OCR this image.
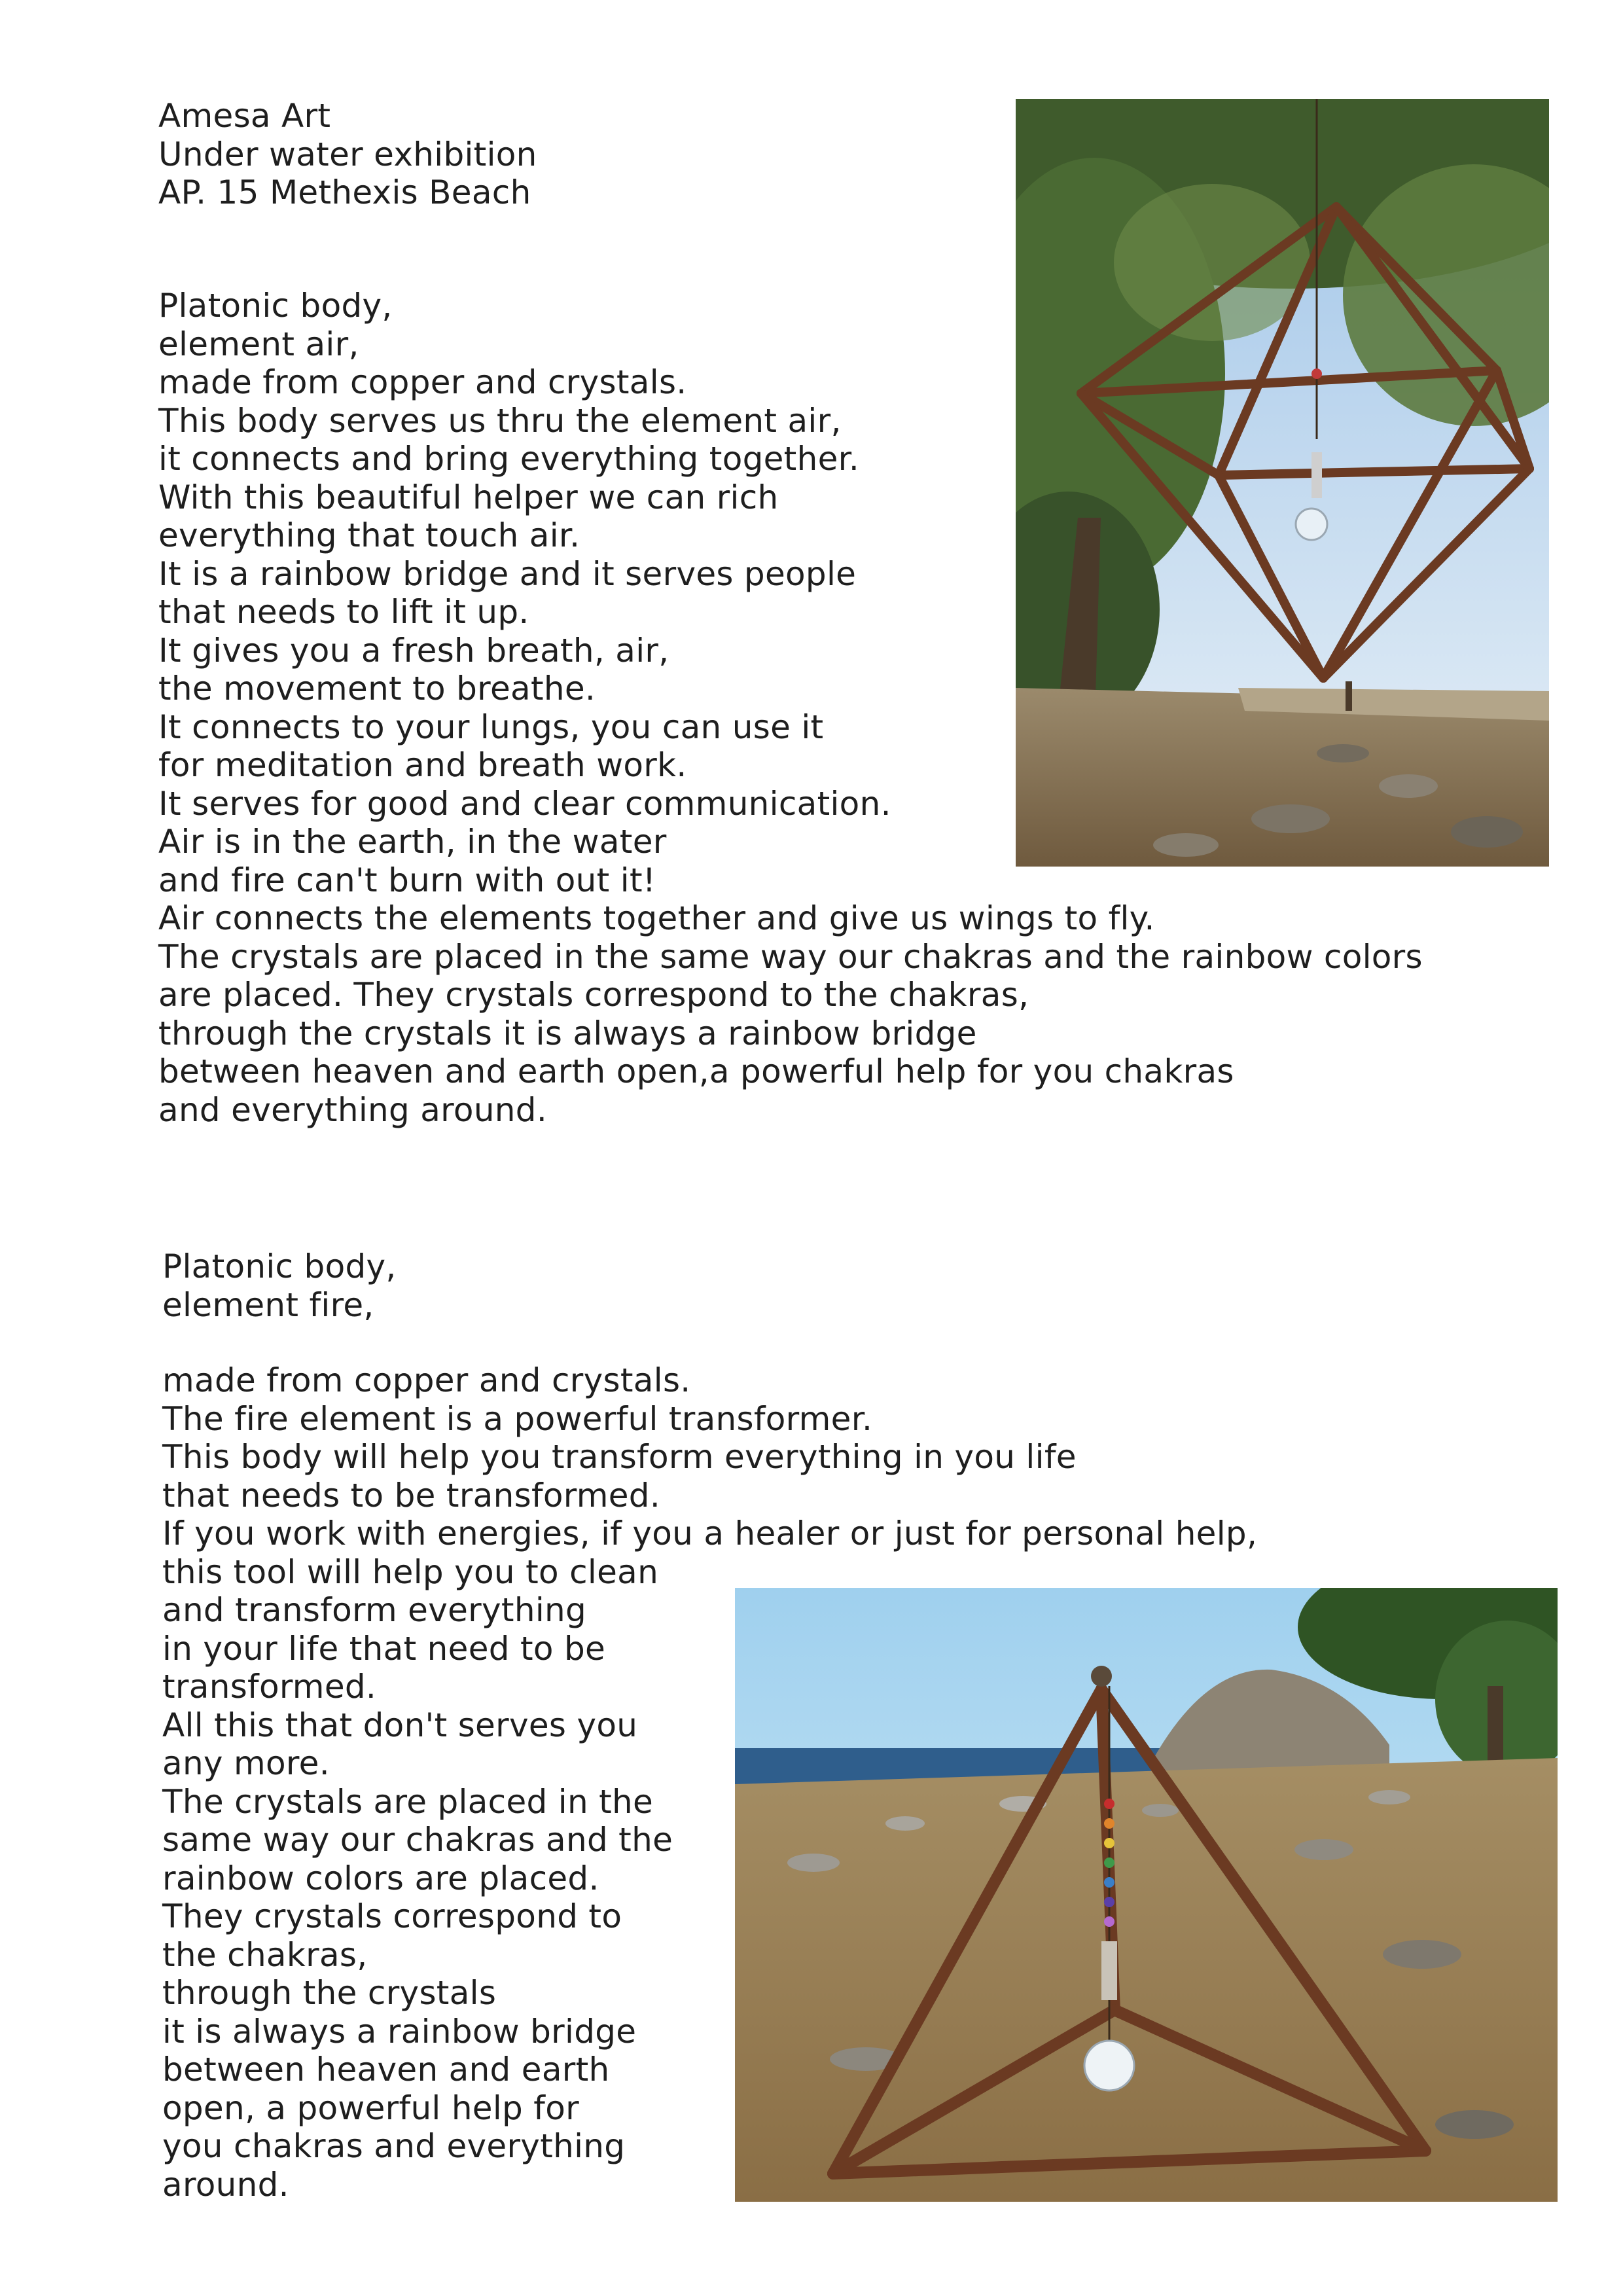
Amesa Art
Under water exhibition
AP. 15 Methexis Beach
Platonic body,
element air,
made from copper and crystals.
This body serves us thru the element air,
it connects and bring everything together.
With this beautiful helper we can rich
everything that touch air.
It is a rainbow bridge and it serves people
that needs to lift it up.
It gives you a fresh breath, air,
the movement to breathe.
It connects to your lungs, you can use it
for meditation and breath work.
It serves for good and clear communication.
Air is in the earth, in the water
and fire can't burn with out it!
Air connects the elements together and give us wings to fly.
The crystals are placed in the same way our chakras and the rainbow colors
are placed. They crystals correspond to the chakras,
through the crystals it is always a rainbow bridge
between heaven and earth open,a powerful help for you chakras
and everything around.
Platonic body,
element fire,
made from copper and crystals.
The fire element is a powerful transformer.
This body will help you transform everything in you life
that needs to be transformed.
If you work with energies, if you a healer or just for personal help,
this tool will help you to clean
and transform everything
in your life that need to be
transformed.
All this that don't serves you
any more.
The crystals are placed in the
same way our chakras and the
rainbow colors are placed.
They crystals correspond to
the chakras,
through the crystals
it is always a rainbow bridge
between heaven and earth
open, a powerful help for
you chakras and everything
around.
